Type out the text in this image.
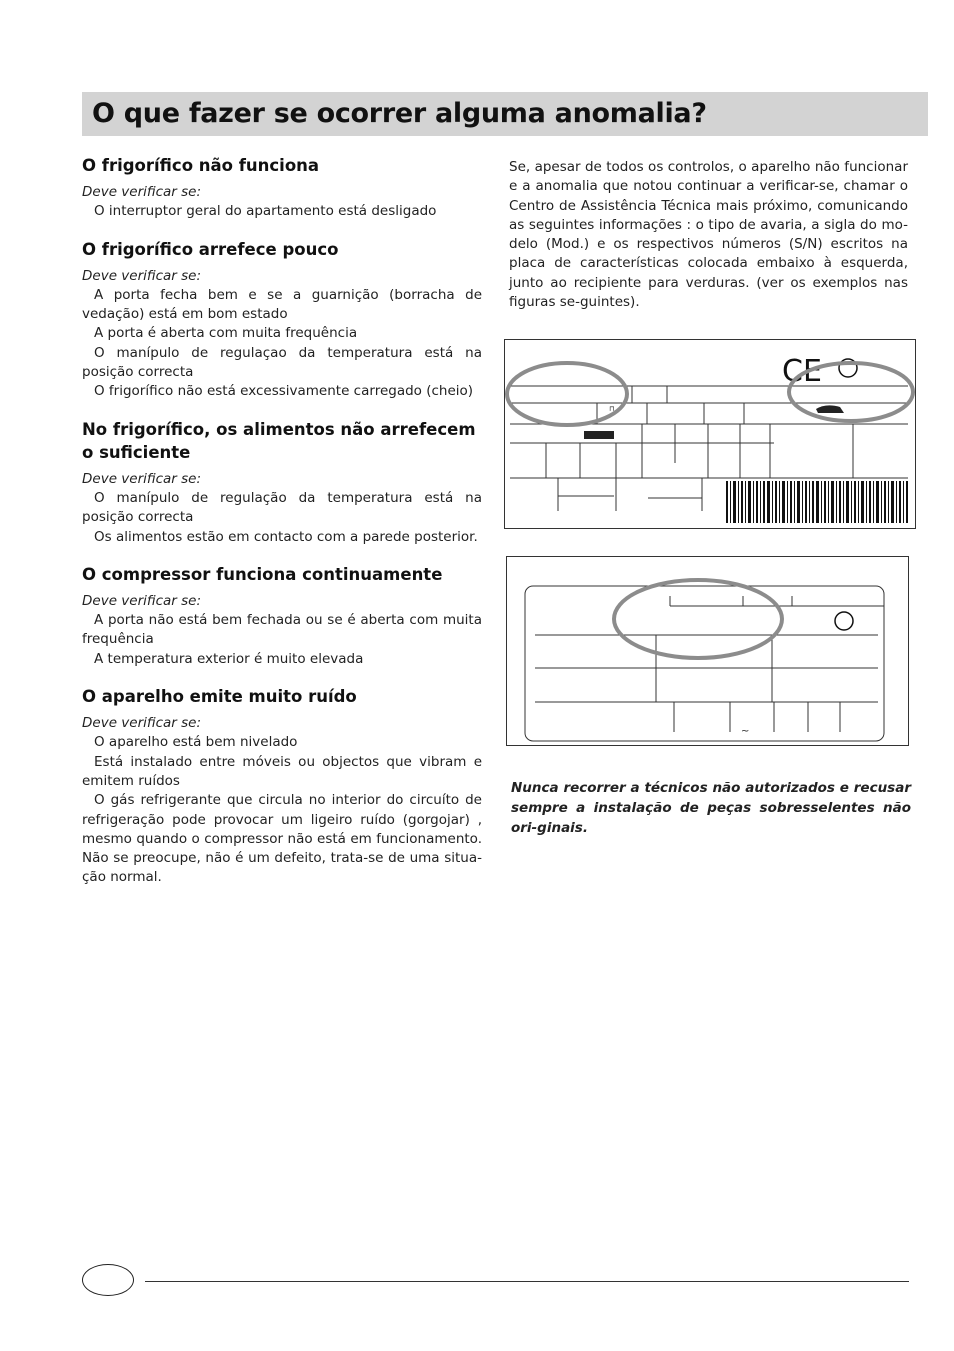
O que fazer se ocorrer alguma anomalia?
O frigorífico não funciona

Deve verificar se:

O interruptor geral do apartamento está desligado

O frigorífico arrefece pouco

Deve verificar se:

A porta fecha bem e se a guarnição (borracha de vedação) está em bom estado

A porta é aberta com muita frequência

O manípulo de regulaçao da temperatura está na posição correcta

O frigorífico não está excessivamente carregado (cheio)

No frigorífico, os alimentos não arrefecem o suficiente

Deve verificar se:

O manípulo de regulação da temperatura está na posição correcta

Os alimentos estão em contacto com a parede posterior.

O compressor funciona continuamente

Deve verificar se:

A porta não está bem fechada ou se é aberta com muita frequência

A temperatura exterior é muito elevada

O aparelho emite muito ruído

Deve verificar se:

O aparelho está bem nivelado

Está instalado entre móveis ou objectos que vibram e emitem ruídos

O gás refrigerante que circula no interior do circuíto de refrigeração pode provocar um ligeiro ruído (gorgojar) , mesmo quando o compressor não está em funcionamento. Não se preocupe, não é um defeito, trata-se de uma situa-ção normal.

Se, apesar de todos os controlos, o aparelho não funcionar e a anomalia que notou continuar a verificar-se, chamar o Centro de Assistência Técnica mais próximo, comunicando as seguintes informações : o tipo de avaria, a sigla do mo-delo (Mod.) e os respectivos números (S/N) escritos na placa de características colocada embaixo à esquerda, junto ao recipiente para verduras. (ver os exemplos nas figuras se-guintes).

CE
⊓
~

Nunca recorrer a técnicos não autorizados e recusar sempre a instalação de peças sobresselentes não ori-ginais.
